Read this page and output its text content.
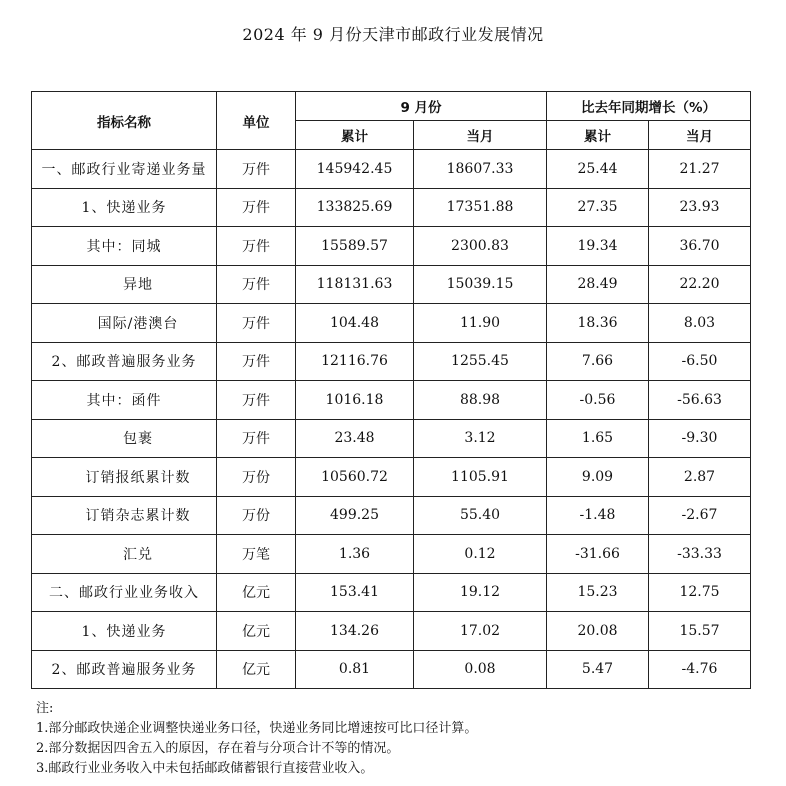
2024 年 9 月份天津市邮政行业发展情况
指标名称	单位	9 月份		比去年同期增长（%）	
		累计	当月	累计	当月
一、邮政行业寄递业务量	万件	145942.45	18607.33	25.44	21.27
1、快递业务	万件	133825.69	17351.88	27.35	23.93
其中：同城	万件	15589.57	2300.83	19.34	36.70
异地	万件	118131.63	15039.15	28.49	22.20
国际/港澳台	万件	104.48	11.90	18.36	8.03
2、邮政普遍服务业务	万件	12116.76	1255.45	7.66	-6.50
其中：函件	万件	1016.18	88.98	-0.56	-56.63
包裹	万件	23.48	3.12	1.65	-9.30
订销报纸累计数	万份	10560.72	1105.91	9.09	2.87
订销杂志累计数	万份	499.25	55.40	-1.48	-2.67
汇兑	万笔	1.36	0.12	-31.66	-33.33
二、邮政行业业务收入	亿元	153.41	19.12	15.23	12.75
1、快递业务	亿元	134.26	17.02	20.08	15.57
2、邮政普遍服务业务	亿元	0.81	0.08	5.47	-4.76
注:
1.部分邮政快递企业调整快递业务口径，快递业务同比增速按可比口径计算。
2.部分数据因四舍五入的原因，存在着与分项合计不等的情况。
3.邮政行业业务收入中未包括邮政储蓄银行直接营业收入。
